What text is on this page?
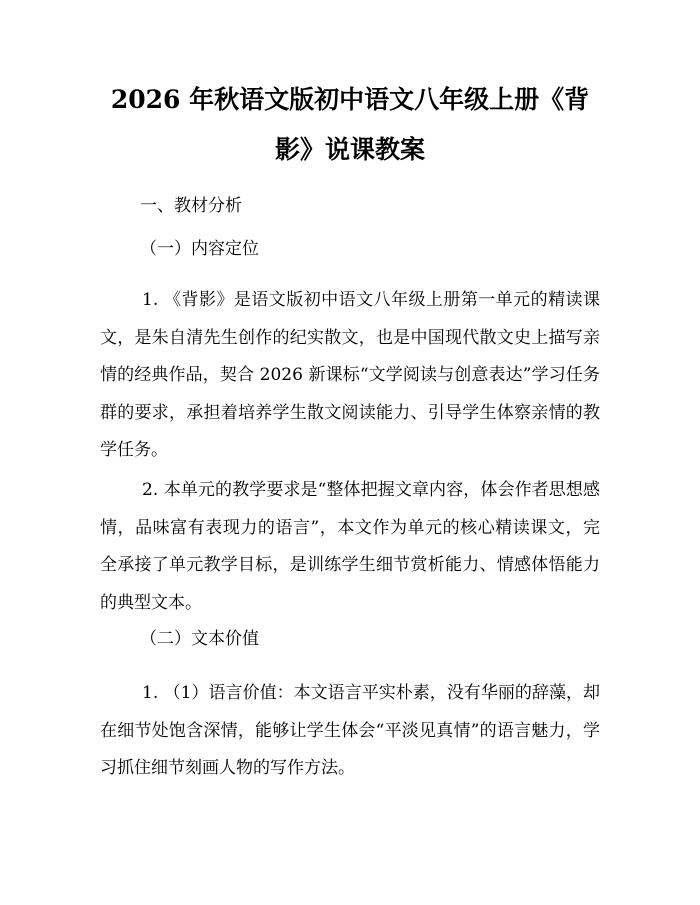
2026 年秋语文版初中语文八年级上册《背
影》说课教案

一、教材分析

（一）内容定位

1. 《背影》是语文版初中语文八年级上册第一单元的精读课文，是朱自清先生创作的纪实散文，也是中国现代散文史上描写亲情的经典作品，契合 2026 新课标“文学阅读与创意表达”学习任务群的要求，承担着培养学生散文阅读能力、引导学生体察亲情的教学任务。

2. 本单元的教学要求是“整体把握文章内容，体会作者思想感情，品味富有表现力的语言”，本文作为单元的核心精读课文，完全承接了单元教学目标，是训练学生细节赏析能力、情感体悟能力的典型文本。

（二）文本价值

1. （1）语言价值：本文语言平实朴素，没有华丽的辞藻，却在细节处饱含深情，能够让学生体会“平淡见真情”的语言魅力，学习抓住细节刻画人物的写作方法。
